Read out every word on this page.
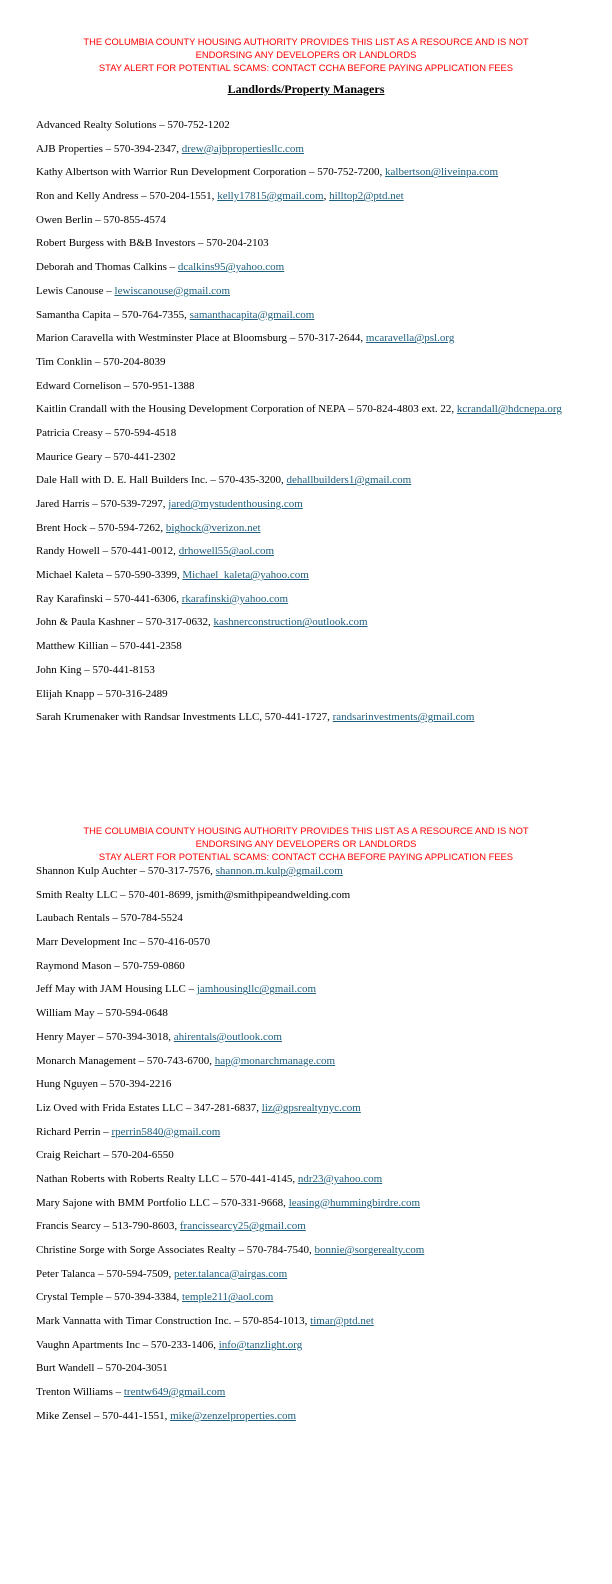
THE COLUMBIA COUNTY HOUSING AUTHORITY PROVIDES THIS LIST AS A RESOURCE AND IS NOT
ENDORSING ANY DEVELOPERS OR LANDLORDS
STAY ALERT FOR POTENTIAL SCAMS: CONTACT CCHA BEFORE PAYING APPLICATION FEES
Landlords/Property Managers
Advanced Realty Solutions – 570-752-1202
AJB Properties – 570-394-2347, drew@ajbpropertiesllc.com
Kathy Albertson with Warrior Run Development Corporation – 570-752-7200, kalbertson@liveinpa.com
Ron and Kelly Andress – 570-204-1551, kelly17815@gmail.com, hilltop2@ptd.net
Owen Berlin – 570-855-4574
Robert Burgess with B&B Investors – 570-204-2103
Deborah and Thomas Calkins – dcalkins95@yahoo.com
Lewis Canouse – lewiscanouse@gmail.com
Samantha Capita – 570-764-7355, samanthacapita@gmail.com
Marion Caravella with Westminster Place at Bloomsburg – 570-317-2644, mcaravella@psl.org
Tim Conklin – 570-204-8039
Edward Cornelison – 570-951-1388
Kaitlin Crandall with the Housing Development Corporation of NEPA – 570-824-4803 ext. 22, kcrandall@hdcnepa.org
Patricia Creasy – 570-594-4518
Maurice Geary – 570-441-2302
Dale Hall with D. E. Hall Builders Inc. – 570-435-3200, dehallbuilders1@gmail.com
Jared Harris – 570-539-7297, jared@mystudenthousing.com
Brent Hock – 570-594-7262, bighock@verizon.net
Randy Howell – 570-441-0012, drhowell55@aol.com
Michael Kaleta – 570-590-3399, Michael_kaleta@yahoo.com
Ray Karafinski – 570-441-6306, rkarafinski@yahoo.com
John & Paula Kashner – 570-317-0632, kashnerconstruction@outlook.com
Matthew Killian – 570-441-2358
John King – 570-441-8153
Elijah Knapp – 570-316-2489
Sarah Krumenaker with Randsar Investments LLC, 570-441-1727, randsarinvestments@gmail.com
THE COLUMBIA COUNTY HOUSING AUTHORITY PROVIDES THIS LIST AS A RESOURCE AND IS NOT
ENDORSING ANY DEVELOPERS OR LANDLORDS
STAY ALERT FOR POTENTIAL SCAMS: CONTACT CCHA BEFORE PAYING APPLICATION FEES
Shannon Kulp Auchter – 570-317-7576, shannon.m.kulp@gmail.com
Smith Realty LLC – 570-401-8699, jsmith@smithpipeandwelding.com
Laubach Rentals – 570-784-5524
Marr Development Inc – 570-416-0570
Raymond Mason – 570-759-0860
Jeff May with JAM Housing LLC – jamhousingllc@gmail.com
William May – 570-594-0648
Henry Mayer – 570-394-3018, ahirentals@outlook.com
Monarch Management – 570-743-6700, hap@monarchmanage.com
Hung Nguyen – 570-394-2216
Liz Oved with Frida Estates LLC – 347-281-6837, liz@gpsrealtynyc.com
Richard Perrin – rperrin5840@gmail.com
Craig Reichart – 570-204-6550
Nathan Roberts with Roberts Realty LLC – 570-441-4145, ndr23@yahoo.com
Mary Sajone with BMM Portfolio LLC – 570-331-9668, leasing@hummingbirdre.com
Francis Searcy – 513-790-8603, francissearcy25@gmail.com
Christine Sorge with Sorge Associates Realty – 570-784-7540, bonnie@sorgerealty.com
Peter Talanca – 570-594-7509, peter.talanca@airgas.com
Crystal Temple – 570-394-3384, temple211@aol.com
Mark Vannatta with Timar Construction Inc. – 570-854-1013, timar@ptd.net
Vaughn Apartments Inc – 570-233-1406, info@tanzlight.org
Burt Wandell – 570-204-3051
Trenton Williams – trentw649@gmail.com
Mike Zensel – 570-441-1551, mike@zenzelproperties.com
